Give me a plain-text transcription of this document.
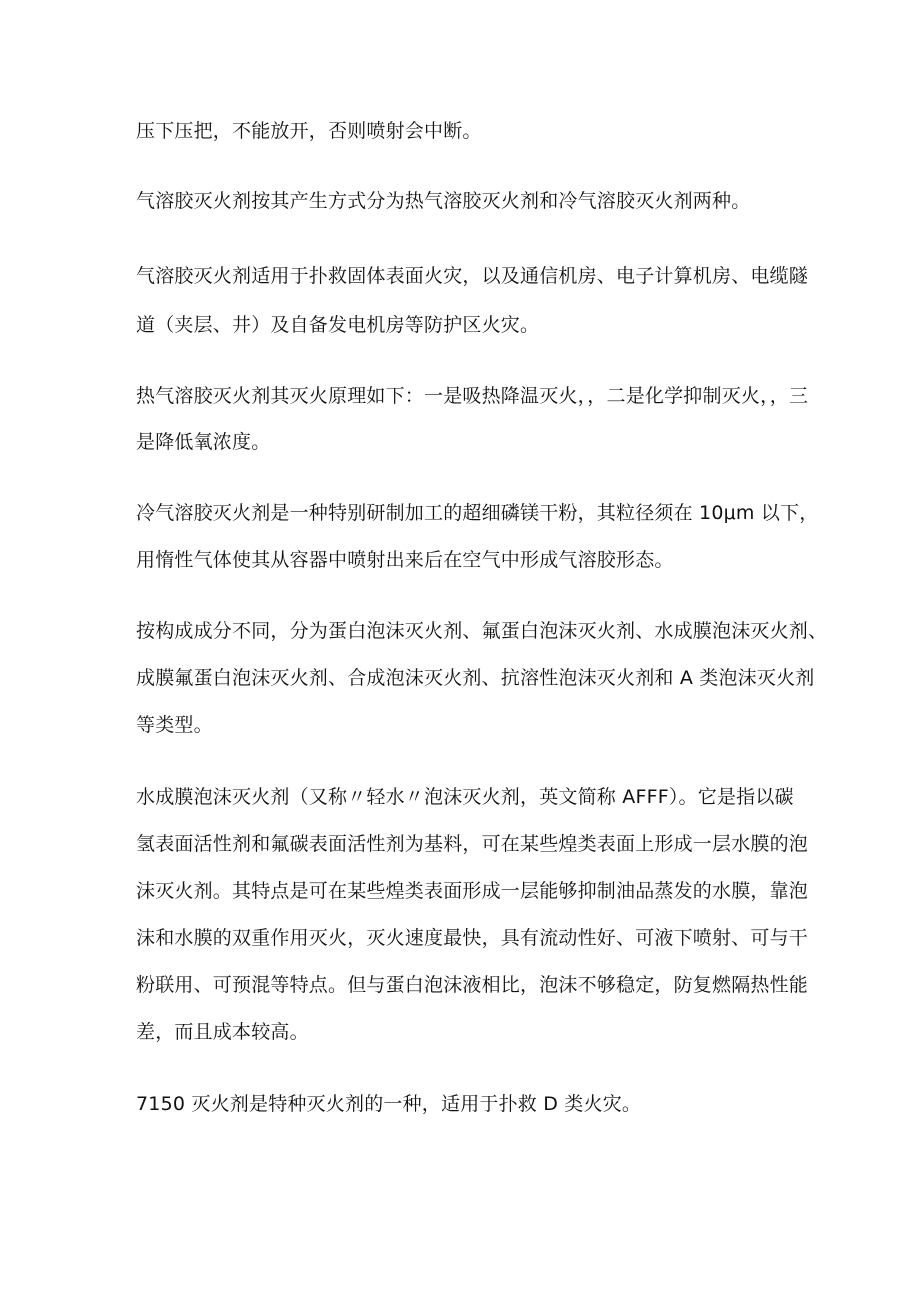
压下压把，不能放开，否则喷射会中断。
气溶胶灭火剂按其产生方式分为热气溶胶灭火剂和冷气溶胶灭火剂两种。
气溶胶灭火剂适用于扑救固体表面火灾，以及通信机房、电子计算机房、电缆隧
道（夹层、井）及自备发电机房等防护区火灾。
热气溶胶灭火剂其灭火原理如下：一是吸热降温灭火，，二是化学抑制灭火，，三
是降低氧浓度。
冷气溶胶灭火剂是一种特别研制加工的超细磷镁干粉，其粒径须在 10μm 以下，
用惰性气体使其从容器中喷射出来后在空气中形成气溶胶形态。
按构成成分不同，分为蛋白泡沫灭火剂、氟蛋白泡沫灭火剂、水成膜泡沫灭火剂、
成膜氟蛋白泡沫灭火剂、合成泡沫灭火剂、抗溶性泡沫灭火剂和 A 类泡沫灭火剂
等类型。
水成膜泡沫灭火剂（又称〃轻水〃泡沫灭火剂，英文简称 AFFF）。它是指以碳
氢表面活性剂和氟碳表面活性剂为基料，可在某些煌类表面上形成一层水膜的泡
沫灭火剂。其特点是可在某些煌类表面形成一层能够抑制油品蒸发的水膜，靠泡
沫和水膜的双重作用灭火，灭火速度最快，具有流动性好、可液下喷射、可与干
粉联用、可预混等特点。但与蛋白泡沫液相比，泡沫不够稳定，防复燃隔热性能
差，而且成本较高。
7150 灭火剂是特种灭火剂的一种，适用于扑救 D 类火灾。
